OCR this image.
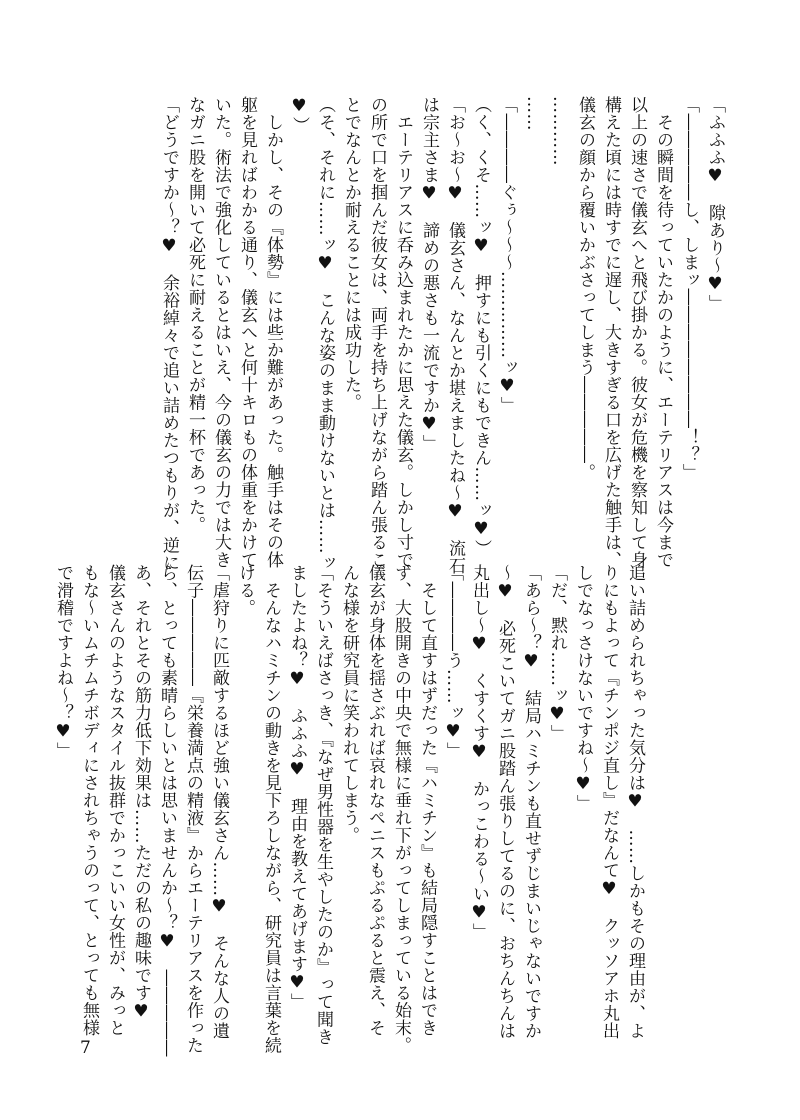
「ふふふ♥　隙あり～♥」
「―――――し、しまッ――――――――！？」
　その瞬間を待っていたかのように、エーテリアスは今まで
以上の速さで儀玄へと飛び掛かる。彼女が危機を察知して身
構えた頃には時すでに遅し、大きすぎる口を広げた触手は、
儀玄の顔から覆いかぶさってしまう―――――。
…………
……
「――――ぐぅ～～～……………ッ♥」
（く、くそ……ッ♥　押すにも引くにもできん……ッ♥）
「お～お～♥　儀玄さん、なんとか堪えましたね～♥　流石
は宗主さま♥　諦めの悪さも一流ですか♥」
　エーテリアスに呑み込まれたかに思えた儀玄。しかし寸で
の所で口を掴んだ彼女は、両手を持ち上げながら踏ん張るこ
とでなんとか耐えることには成功した。
（そ、それに……ッ♥　こんな姿のまま動けないとは……ッ
♥）
　しかし、その『体勢』には些か難があった。触手はその体
躯を見ればわかる通り、儀玄へと何十キロもの体重をかけて
いた。術法で強化しているとはいえ、今の儀玄の力では大き
なガニ股を開いて必死に耐えることが精一杯であった。
「どうですか～？♥　余裕綽々で追い詰めたつもりが、逆に
追い詰められちゃった気分は♥　……しかもその理由が、よ
りにもよって『チンポジ直し』だなんて♥　クッソアホ丸出
しでなっさけないですね～♥」
「だ、黙れ……ッ♥」
「あら～？♥　結局ハミチンも直せずじまいじゃないですか
～♥　必死こいてガニ股踏ん張りしてるのに、おちんちんは
丸出し～♥　くすくす♥　かっこわる～い♥」
「――――う……ッ♥」
　そして直すはずだった『ハミチン』も結局隠すことはでき
ず、大股開きの中央で無様に垂れ下がってしまっている始末。
儀玄が身体を揺さぶれば哀れなペニスもぷるぷると震え、そ
んな様を研究員に笑われてしまう。
「そういえばさっき、『なぜ男性器を生やしたのか』って聞き
ましたよね？♥　ふふふ♥　理由を教えてあげます♥」
　そんなハミチンの動きを見下ろしながら、研究員は言葉を続
ける。
「虐狩りに匹敵するほど強い儀玄さん……♥　そんな人の遺
伝子―――――『栄養満点の精液』からエーテリアスを作った
ら、とっても素晴らしいとは思いませんか～？♥　―――――
あ、それとその筋力低下効果は……ただの私の趣味です♥
儀玄さんのようなスタイル抜群でかっこいい女性が、みっと
もな～いムチムチボディにされちゃうのって、とっても無様
で滑稽ですよね～？♥」
7
